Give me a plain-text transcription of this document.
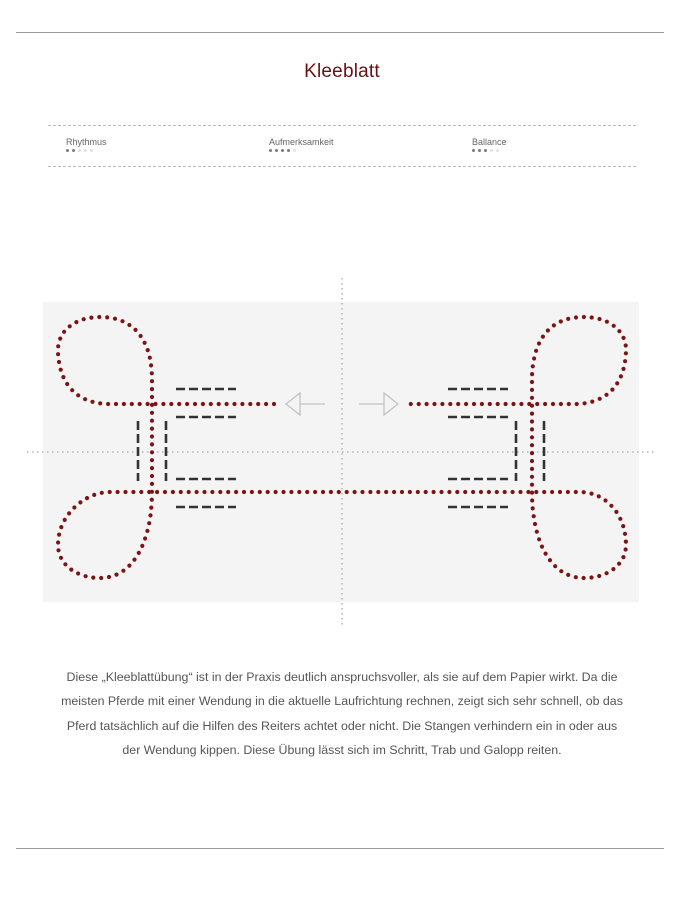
Kleeblatt
Rhythmus	Aufmerksamkeit	Ballance
Diese „Kleeblattübung“ ist in der Praxis deutlich anspruchsvoller, als sie auf dem Papier wirkt. Da die meisten Pferde mit einer Wendung in die aktuelle Laufrichtung rechnen, zeigt sich sehr schnell, ob das Pferd tatsächlich auf die Hilfen des Reiters achtet oder nicht. Die Stangen verhindern ein in oder aus der Wendung kippen. Diese Übung lässt sich im Schritt, Trab und Galopp reiten.
